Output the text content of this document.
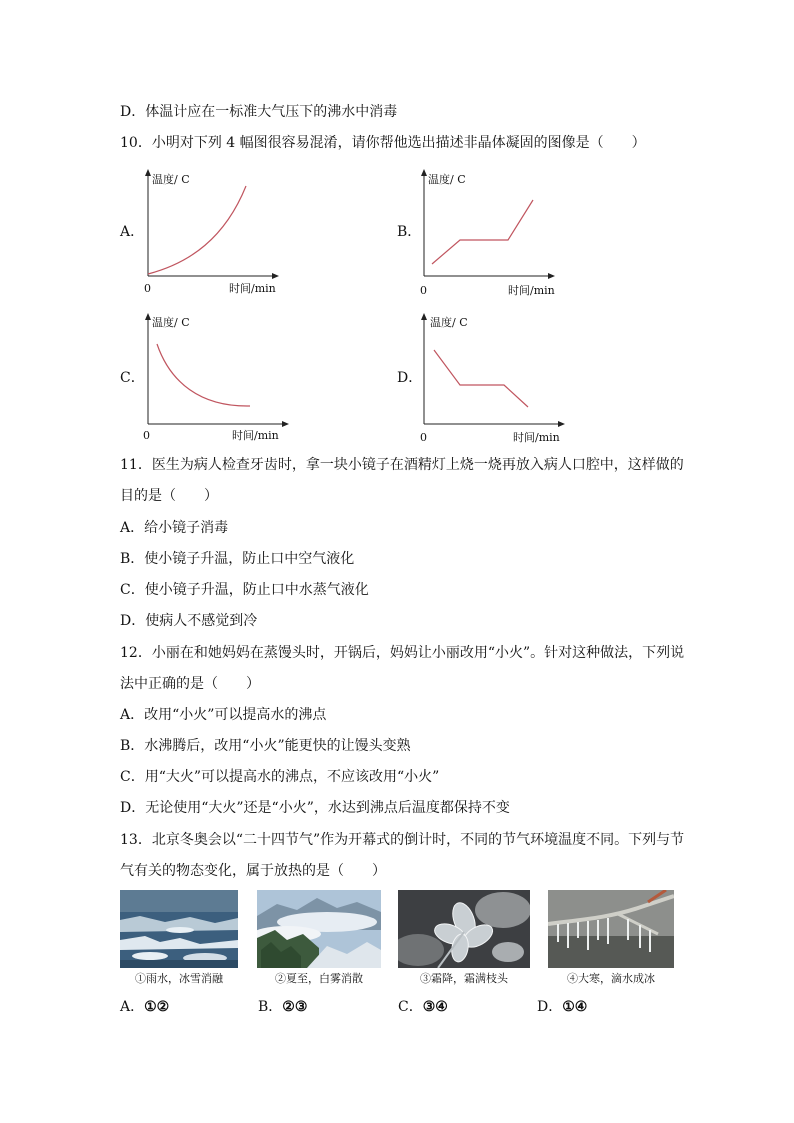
D．体温计应在一标准大气压下的沸水中消毒
10．小明对下列 4 幅图很容易混淆，请你帮他选出描述非晶体凝固的图像是（　　）
A．
温度/ C
0	时间/min
B．
温度/ C
0	时间/min
C．
温度/ C
0	时间/min
D．
温度/ C
0	时间/min
11．医生为病人检查牙齿时，拿一块小镜子在酒精灯上烧一烧再放入病人口腔中，这样做的
目的是（　　）
A．给小镜子消毒
B．使小镜子升温，防止口中空气液化
C．使小镜子升温，防止口中水蒸气液化
D．使病人不感觉到冷
12．小丽在和她妈妈在蒸馒头时，开锅后，妈妈让小丽改用“小火”。针对这种做法，下列说
法中正确的是（　　）
A．改用“小火”可以提高水的沸点
B．水沸腾后，改用“小火”能更快的让馒头变熟
C．用“大火”可以提高水的沸点，不应该改用“小火”
D．无论使用“大火”还是“小火”，水达到沸点后温度都保持不变
13．北京冬奥会以“二十四节气”作为开幕式的倒计时，不同的节气环境温度不同。下列与节
气有关的物态变化，属于放热的是（　　）
①雨水，冰雪消融	②夏至，白雾消散	③霜降，霜满枝头	④大寒，滴水成冰
A．①②	B．②③	C．③④	D．①④
